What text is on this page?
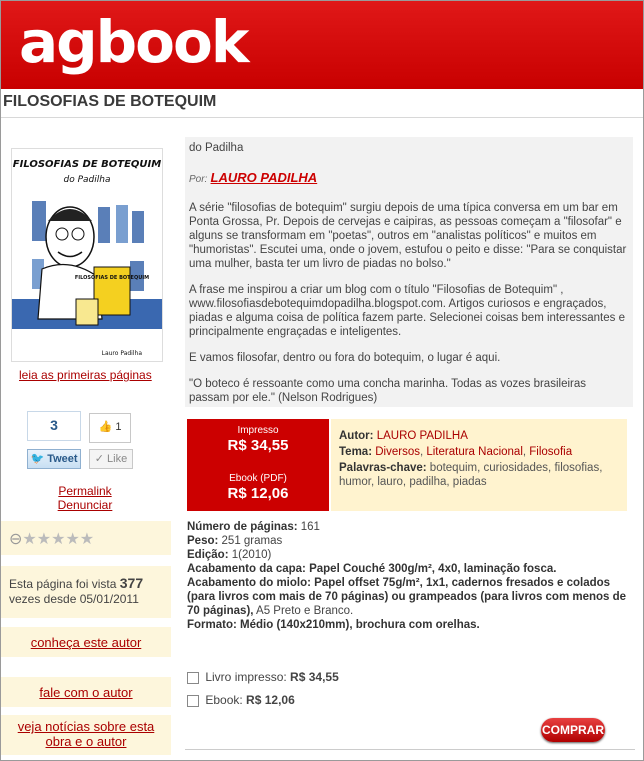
agbook
FILOSOFIAS DE BOTEQUIM
FILOSOFIAS DE BOTEQUIM
do Padilha
FILOSOFIAS DE BOTEQUIM
Lauro Padilha
leia as primeiras páginas
3
🐦 Tweet
👍 1
✓ Like
Permalink
Denunciar
⊖★★★★★
Esta página foi vista 377 vezes desde 05/01/2011
conheça este autor
fale com o autor
veja notícias sobre esta obra e o autor

do Padilha

Por: LAURO PADILHA

A série "filosofias de botequim" surgiu depois de uma típica conversa em um bar em Ponta Grossa, Pr. Depois de cervejas e caipiras, as pessoas começam a "filosofar" e alguns se transformam em "poetas", outros em "analistas políticos" e muitos em "humoristas". Escutei uma, onde o jovem, estufou o peito e disse: "Para se conquistar uma mulher, basta ter um livro de piadas no bolso."

A frase me inspirou a criar um blog com o título "Filosofias de Botequim" , www.filosofiasdebotequimdopadilha.blogspot.com. Artigos curiosos e engraçados, piadas e alguma coisa de política fazem parte. Selecionei coisas bem interessantes e principalmente engraçadas e inteligentes.

E vamos filosofar, dentro ou fora do botequim, o lugar é aqui.

"O boteco é ressoante como uma concha marinha. Todas as vozes brasileiras passam por ele." (Nelson Rodrigues)

Impresso
R$ 34,55
Ebook (PDF)
R$ 12,06
Autor: LAURO PADILHA
Tema: Diversos, Literatura Nacional, Filosofia
Palavras-chave: botequim, curiosidades, filosofias, humor, lauro, padilha, piadas
Número de páginas: 161
Peso: 251 gramas
Edição: 1(2010)
Acabamento da capa: Papel Couché 300g/m², 4x0, laminação fosca.
Acabamento do miolo: Papel offset 75g/m², 1x1, cadernos fresados e colados (para livros com mais de 70 páginas) ou grampeados (para livros com menos de 70 páginas), A5 Preto e Branco.
Formato: Médio (140x210mm), brochura com orelhas.
Livro impresso: R$ 34,55
Ebook: R$ 12,06
COMPRAR
